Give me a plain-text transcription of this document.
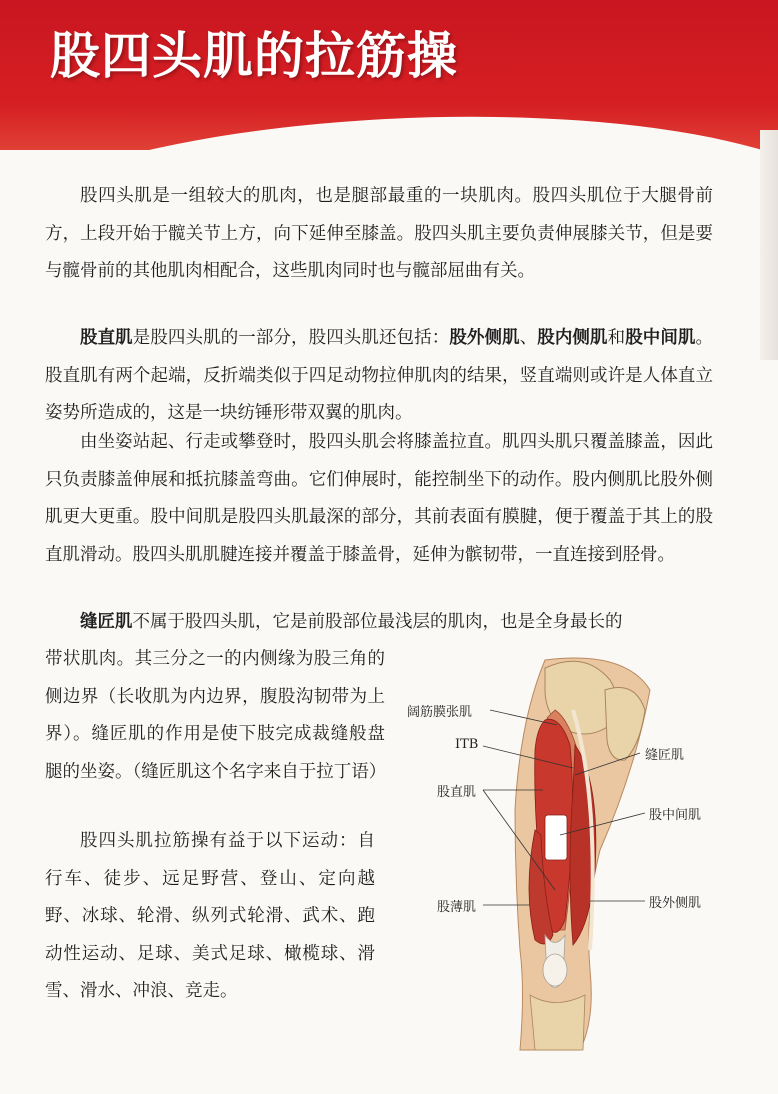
股四头肌的拉筋操

股四头肌是一组较大的肌肉，也是腿部最重的一块肌肉。股四头肌位于大腿骨前方，上段开始于髋关节上方，向下延伸至膝盖。股四头肌主要负责伸展膝关节，但是要与髋骨前的其他肌肉相配合，这些肌肉同时也与髋部屈曲有关。

股直肌是股四头肌的一部分，股四头肌还包括：股外侧肌、股内侧肌和股中间肌。股直肌有两个起端，反折端类似于四足动物拉伸肌肉的结果，竖直端则或许是人体直立姿势所造成的，这是一块纺锤形带双翼的肌肉。

由坐姿站起、行走或攀登时，股四头肌会将膝盖拉直。肌四头肌只覆盖膝盖，因此只负责膝盖伸展和抵抗膝盖弯曲。它们伸展时，能控制坐下的动作。股内侧肌比股外侧肌更大更重。股中间肌是股四头肌最深的部分，其前表面有膜腱，便于覆盖于其上的股直肌滑动。股四头肌肌腱连接并覆盖于膝盖骨，延伸为髌韧带，一直连接到胫骨。

缝匠肌不属于股四头肌，它是前股部位最浅层的肌肉，也是全身最长的

带状肌肉。其三分之一的内侧缘为股三角的侧边界（长收肌为内边界，腹股沟韧带为上界）。缝匠肌的作用是使下肢完成裁缝般盘腿的坐姿。（缝匠肌这个名字来自于拉丁语）

股四头肌拉筋操有益于以下运动：自行车、徒步、远足野营、登山、定向越野、冰球、轮滑、纵列式轮滑、武术、跑动性运动、足球、美式足球、橄榄球、滑雪、滑水、冲浪、竞走。

阔筋膜张肌
ITB
股直肌
股薄肌
缝匠肌
股中间肌
股外侧肌
